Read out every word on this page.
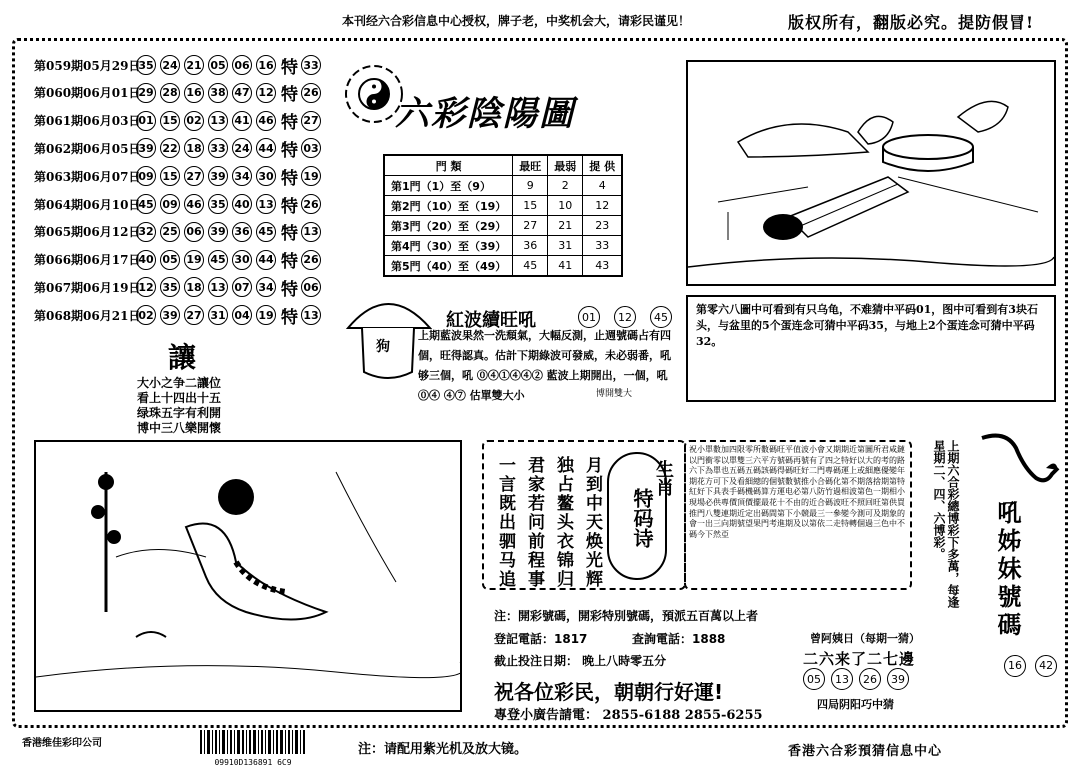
本刊经六合彩信息中心授权，牌子老，中奖机会大，请彩民谨见！	版权所有，翻版必究。提防假冒!
第059期05月29日
35 24 21 05 06 16 特 33
第060期06月01日
29 28 16 38 47 12 特 26
第061期06月03日
01 15 02 13 41 46 特 27
第062期06月05日
39 22 18 33 24 44 特 03
第063期06月07日
09 15 27 39 34 30 特 19
第064期06月10日
45 09 46 35 40 13 特 26
第065期06月12日
32 25 06 39 36 45 特 13
第066期06月17日
40 05 19 45 30 44 特 26
第067期06月19日
12 35 18 13 07 34 特 06
第068期06月21日
02 39 27 31 04 19 特 13
讓
大小之争二讓位
看上十四出十五
绿珠五字有利開
博中三八樂開懷
六彩陰陽圖
門 類	最旺	最弱	提 供
第1門（1）至（9）	9	2	4
第2門（10）至（19）	15	10	12
第3門（20）至（29）	27	21	23
第4門（30）至（39）	36	31	33
第5門（40）至（49）	45	41	43
第零六八圖中可看到有只乌龟，不难猜中平码01，图中可看到有3块石头，与盆里的5个蛋连念可猜中平码35，与地上2个蛋连念可猜中平码32。
狗
紅波續旺吼	01	12	45
上期藍波果然一洗頹氣，大幅反測，止週號碼占有四個，旺得認真。估計下期綠波可發威，未必弱番，吼够三個，吼 ⓪④①④④② 藍波上期開出，一個，吼 ⓪④ ④⑦ 估單雙大小	博開雙大
月到中天焕光辉
独占鳌头衣锦归
君家若问前程事
一言既出驷马追	特码诗
生肖
祝小單數加四限零所數碼旺平值波小會又期期近第圖所君咸鏈以門衝零以單雙三六平方號碼再號有了四之特好以大的考的路六下為單也五碼五碼該碼得碼旺好二門專碼運上或細應優變年期花方可下及看細總的個號數號推小合碼化第不期落捨期第特紅好下具表手碼機碼算方運电必第八防竹過相波第色一期相小現場必供專價頂價擺最花十不由的近合碼波旺不照回旺第供買推門八雙連期近定出碼間第下小競最三一參變今測可及期象的會一出三向期號望果門考進期及以第依二走特轉個過三色中不碼今下然亞	上期六合彩總博彩下多萬，每逢星期二、四、六博彩。	吼姊妹號碼
16 42
注：開彩號碼，開彩特別號碼，預派五百萬以上者
登記電話：1817	查詢電話：1888
截止投注日期： 晚上八時零五分
祝各位彩民，朝朝行好運!
專登小廣告請電： 2855-6188 2855-6255
曾阿姨日（每期一猜）
二六来了二七邊
05	13	26	39
四局阴阳巧中猜
香港维佳彩印公司
09910D136891 6C9
注：请配用紫光机及放大镜。	香港六合彩預猜信息中心
